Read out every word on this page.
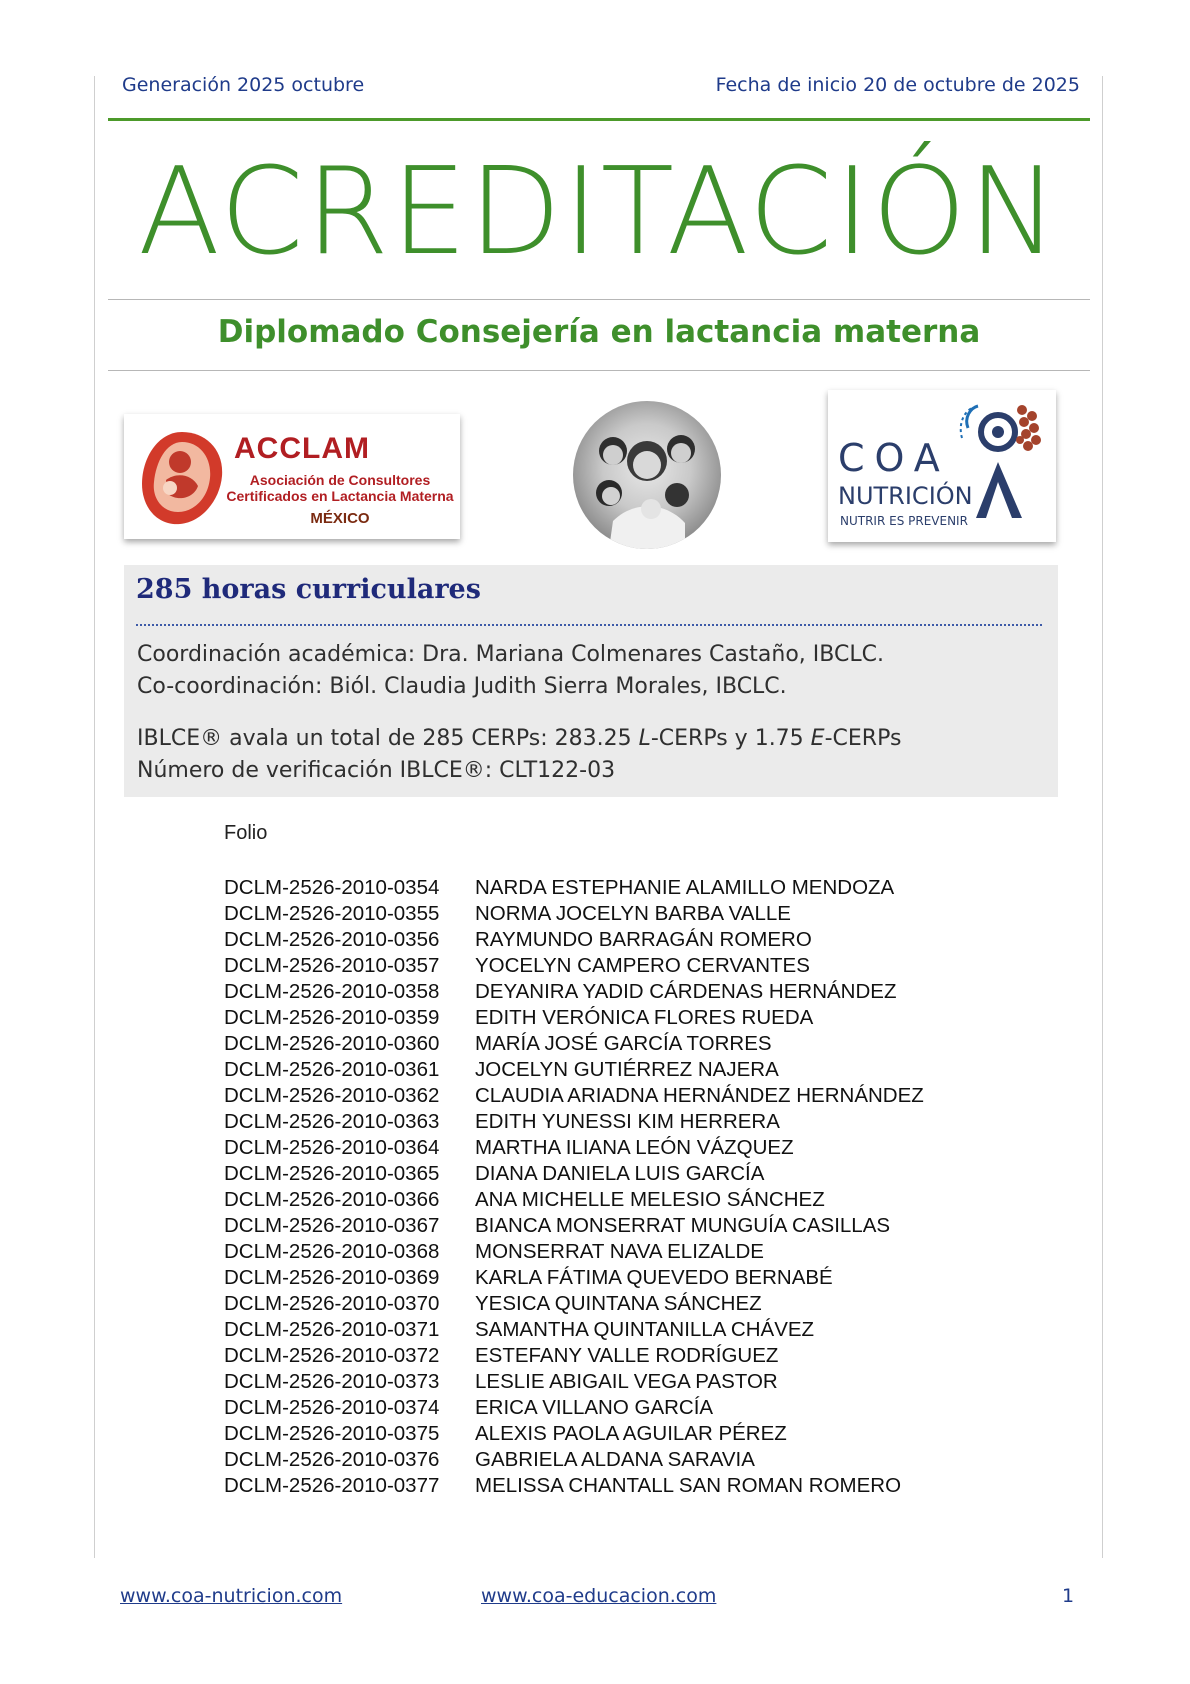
Generación 2025 octubre	Fecha de inicio 20 de octubre de 2025
ACREDITACIÓN
Diplomado Consejería en lactancia materna
ACCLAM
Asociación de Consultores
Certificados en Lactancia Materna
MÉXICO
COA
NUTRICIÓN
NUTRIR ES PREVENIR
285 horas curriculares
Coordinación académica: Dra. Mariana Colmenares Castaño, IBCLC.
Co-coordinación: Biól. Claudia Judith Sierra Morales, IBCLC.
IBLCE® avala un total de 285 CERPs: 283.25 L-CERPs y 1.75 E-CERPs
Número de verificación IBLCE®: CLT122-03
Folio
DCLM-2526-2010-0354	NARDA ESTEPHANIE ALAMILLO MENDOZA
DCLM-2526-2010-0355	NORMA JOCELYN BARBA VALLE
DCLM-2526-2010-0356	RAYMUNDO BARRAGÁN ROMERO
DCLM-2526-2010-0357	YOCELYN CAMPERO CERVANTES
DCLM-2526-2010-0358	DEYANIRA YADID CÁRDENAS HERNÁNDEZ
DCLM-2526-2010-0359	EDITH VERÓNICA FLORES RUEDA
DCLM-2526-2010-0360	MARÍA JOSÉ GARCÍA TORRES
DCLM-2526-2010-0361	JOCELYN GUTIÉRREZ NAJERA
DCLM-2526-2010-0362	CLAUDIA ARIADNA HERNÁNDEZ HERNÁNDEZ
DCLM-2526-2010-0363	EDITH YUNESSI KIM HERRERA
DCLM-2526-2010-0364	MARTHA ILIANA LEÓN VÁZQUEZ
DCLM-2526-2010-0365	DIANA DANIELA LUIS GARCÍA
DCLM-2526-2010-0366	ANA MICHELLE MELESIO SÁNCHEZ
DCLM-2526-2010-0367	BIANCA MONSERRAT MUNGUÍA CASILLAS
DCLM-2526-2010-0368	MONSERRAT NAVA ELIZALDE
DCLM-2526-2010-0369	KARLA FÁTIMA QUEVEDO BERNABÉ
DCLM-2526-2010-0370	YESICA QUINTANA SÁNCHEZ
DCLM-2526-2010-0371	SAMANTHA QUINTANILLA CHÁVEZ
DCLM-2526-2010-0372	ESTEFANY VALLE RODRÍGUEZ
DCLM-2526-2010-0373	LESLIE ABIGAIL VEGA PASTOR
DCLM-2526-2010-0374	ERICA VILLANO GARCÍA
DCLM-2526-2010-0375	ALEXIS PAOLA AGUILAR PÉREZ
DCLM-2526-2010-0376	GABRIELA ALDANA SARAVIA
DCLM-2526-2010-0377	MELISSA CHANTALL SAN ROMAN ROMERO
www.coa-nutricion.com	www.coa-educacion.com	1
